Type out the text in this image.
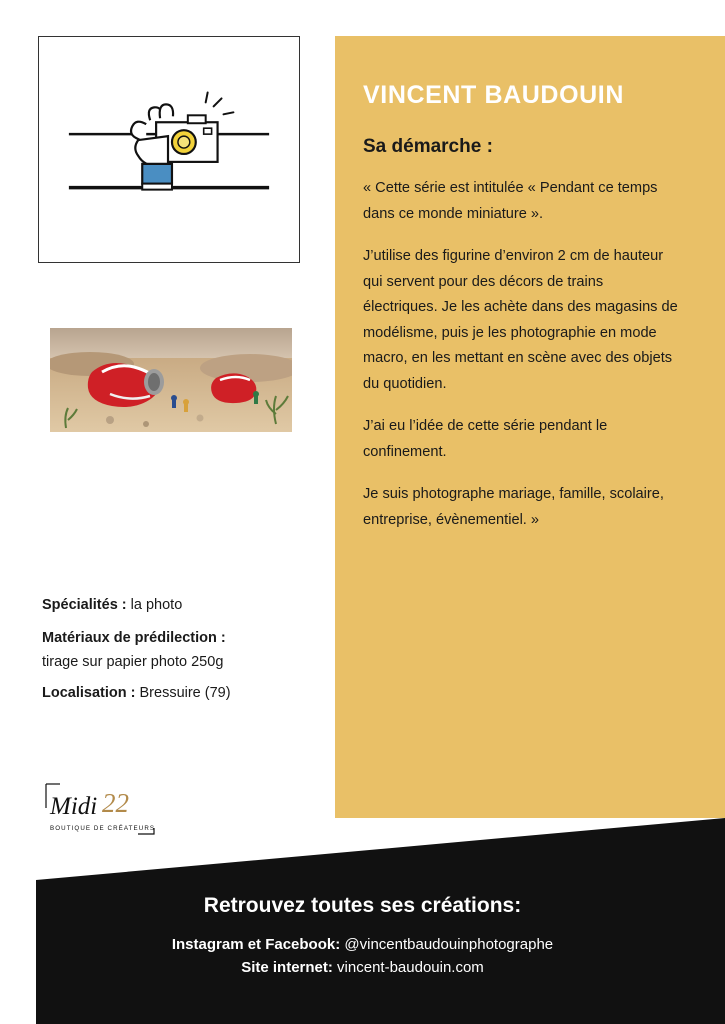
Spécialités : la photo
Matériaux de prédilection :
tirage sur papier photo 250g
Localisation : Bressuire (79)
Midi 22
BOUTIQUE DE CRÉATEURS
VINCENT BAUDOUIN
Sa démarche :

« Cette série est intitulée « Pendant ce temps dans ce monde miniature ».

J’utilise des figurine d’environ 2 cm de hauteur qui servent pour des décors de trains électriques. Je les achète dans des magasins de modélisme, puis je les photographie en mode macro, en les mettant en scène avec des objets du quotidien.

J’ai eu l’idée de cette série pendant le confinement.

Je suis photographe mariage, famille, scolaire, entreprise, évènementiel. »

Retrouvez toutes ses créations:
Instagram et Facebook: @vincentbaudouinphotographe
Site internet: vincent-baudouin.com
